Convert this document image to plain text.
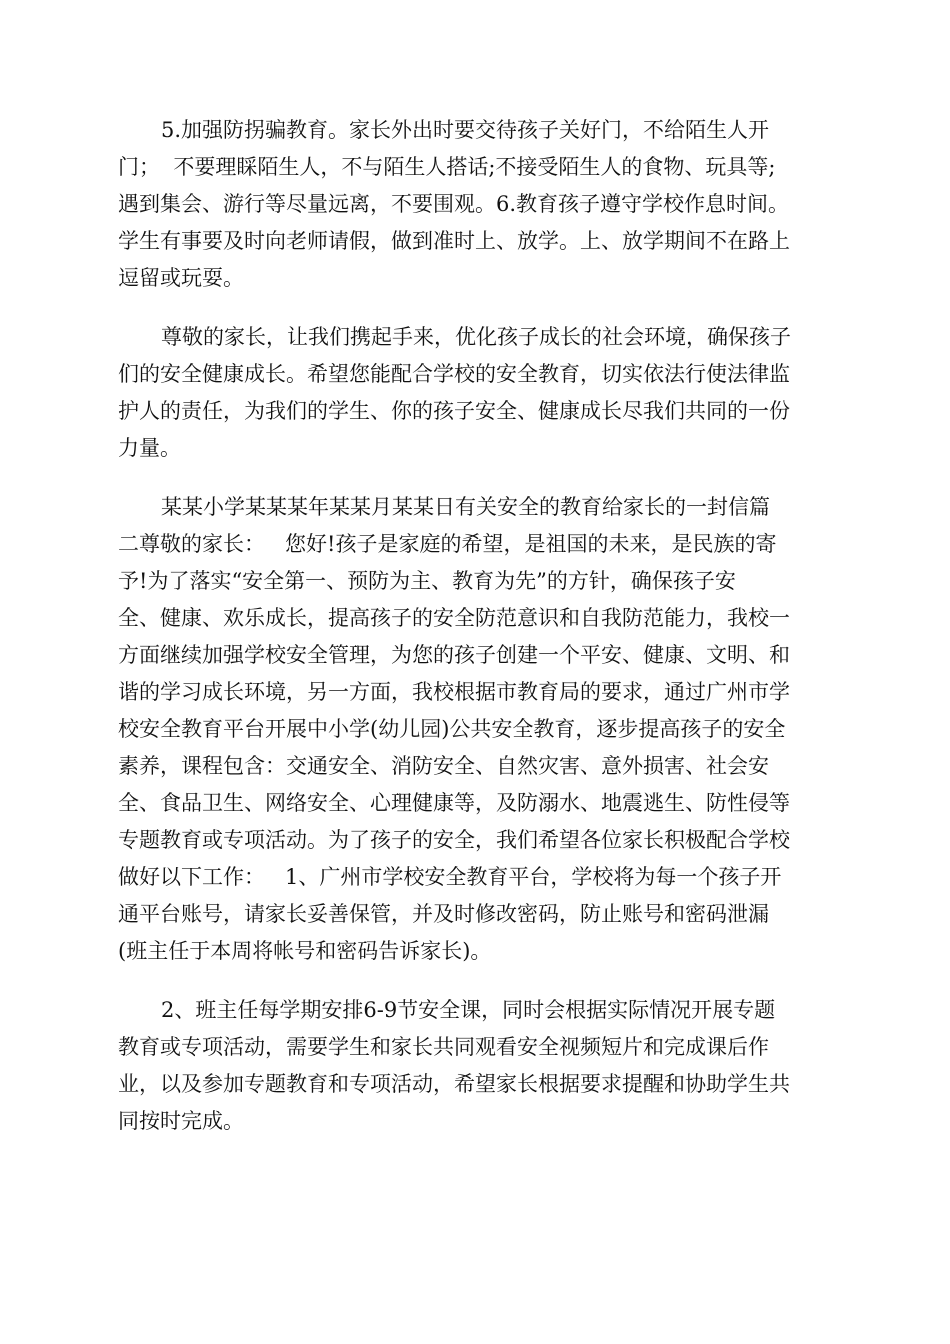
5.加强防拐骗教育。家长外出时要交待孩子关好门，不给陌生人开
门；  不要理睬陌生人，不与陌生人搭话;不接受陌生人的食物、玩具等;
遇到集会、游行等尽量远离，不要围观。6.教育孩子遵守学校作息时间。
学生有事要及时向老师请假，做到准时上、放学。上、放学期间不在路上
逗留或玩耍。
尊敬的家长，让我们携起手来，优化孩子成长的社会环境，确保孩子
们的安全健康成长。希望您能配合学校的安全教育，切实依法行使法律监
护人的责任，为我们的学生、你的孩子安全、健康成长尽我们共同的一份
力量。
某某小学某某某年某某月某某日有关安全的教育给家长的一封信篇
二尊敬的家长：   您好!孩子是家庭的希望，是祖国的未来，是民族的寄
予!为了落实“安全第一、预防为主、教育为先”的方针，确保孩子安
全、健康、欢乐成长，提高孩子的安全防范意识和自我防范能力，我校一
方面继续加强学校安全管理，为您的孩子创建一个平安、健康、文明、和
谐的学习成长环境，另一方面，我校根据市教育局的要求，通过广州市学
校安全教育平台开展中小学(幼儿园)公共安全教育，逐步提高孩子的安全
素养，课程包含：交通安全、消防安全、自然灾害、意外损害、社会安
全、食品卫生、网络安全、心理健康等，及防溺水、地震逃生、防性侵等
专题教育或专项活动。为了孩子的安全，我们希望各位家长积极配合学校
做好以下工作：   1、广州市学校安全教育平台，学校将为每一个孩子开
通平台账号，请家长妥善保管，并及时修改密码，防止账号和密码泄漏
(班主任于本周将帐号和密码告诉家长)。
2、班主任每学期安排6-9节安全课，同时会根据实际情况开展专题
教育或专项活动，需要学生和家长共同观看安全视频短片和完成课后作
业，以及参加专题教育和专项活动，希望家长根据要求提醒和协助学生共
同按时完成。
